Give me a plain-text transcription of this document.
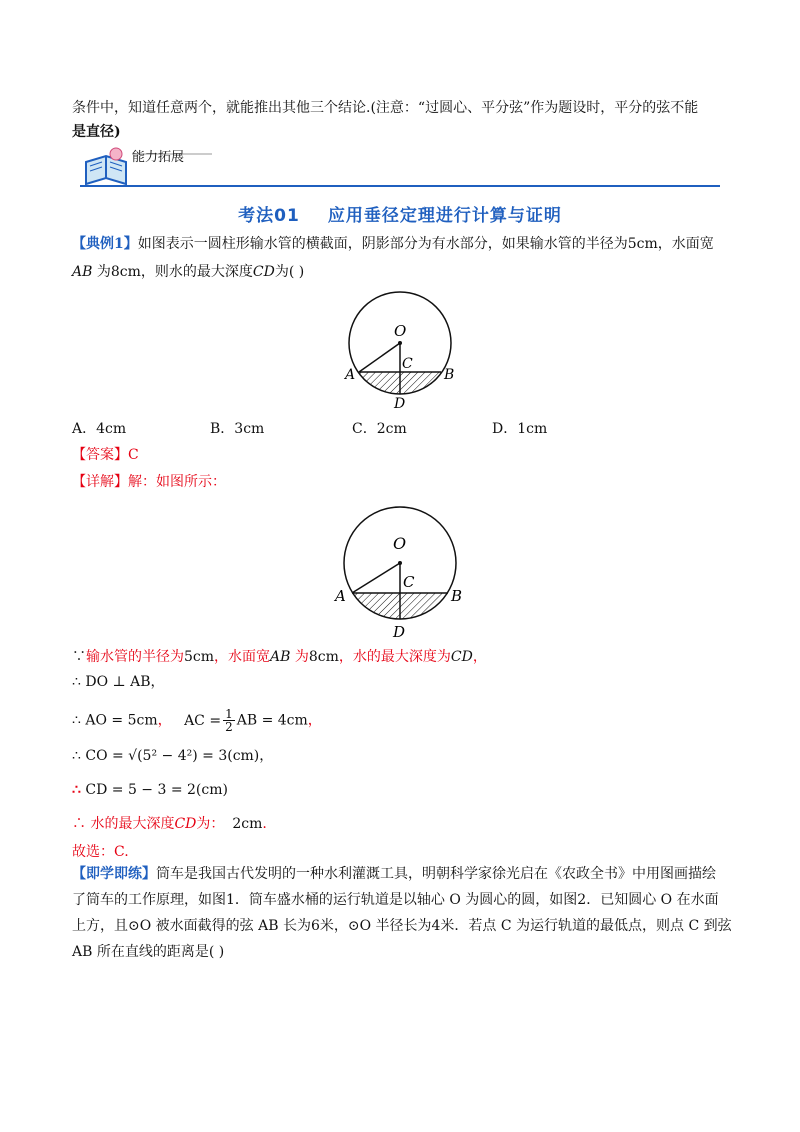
条件中，知道任意两个，就能推出其他三个结论.(注意：“过圆心、平分弦”作为题设时，平分的弦不能
是直径)
能力拓展
考法01 应用垂径定理进行计算与证明
【典例1】如图表示一圆柱形输水管的横截面，阴影部分为有水部分，如果输水管的半径为5cm，水面宽
AB 为8cm，则水的最大深度CD为( )
O
C
A	B
D
A．4cm	B．3cm	C．2cm	D．1cm
【答案】C
【详解】解：如图所示：
O
C
A	B
D
∵输水管的半径为5cm，水面宽AB 为8cm，水的最大深度为CD，
∴ DO ⊥ AB，
∴ AO = 5cm， AC = $\frac{1}{2}$ AB = 4cm，
∴ CO = √(5² − 4²) = 3(cm)，
∴ CD = 5 − 3 = 2(cm)
∴ 水的最大深度CD为： 2cm.
故选：C.
【即学即练】筒车是我国古代发明的一种水利灌溉工具，明朝科学家徐光启在《农政全书》中用图画描绘
了筒车的工作原理，如图1．筒车盛水桶的运行轨道是以轴心 O 为圆心的圆，如图2．已知圆心 O 在水面
上方，且⊙O 被水面截得的弦 AB 长为6米，⊙O 半径长为4米．若点 C 为运行轨道的最低点，则点 C 到弦
AB 所在直线的距离是( )
